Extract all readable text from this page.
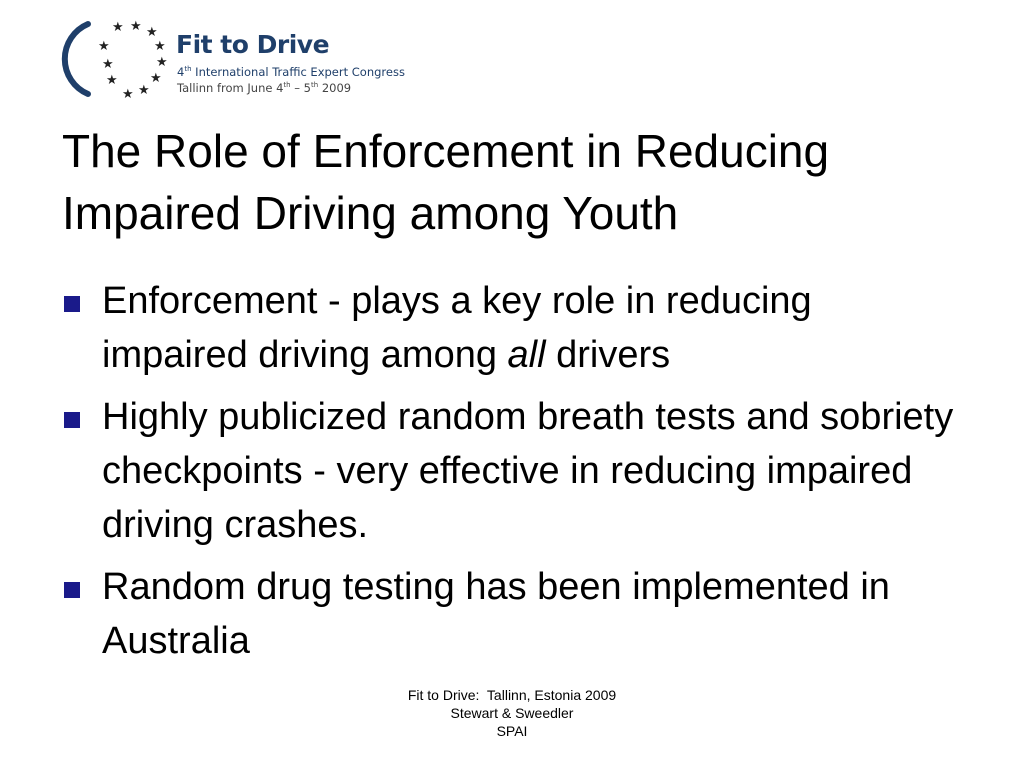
★ ★ ★
★
★
★
★
★
★
★
★
Fit to Drive
4th International Traffic Expert Congress
Tallinn from June 4th – 5th 2009
The Role of Enforcement in Reducing Impaired Driving among Youth
Enforcement - plays a key role in reducing impaired driving among all drivers
Highly publicized random breath tests and sobriety checkpoints - very effective in reducing impaired driving crashes.
Random drug testing has been implemented in Australia
Fit to Drive:  Tallinn, Estonia 2009
Stewart & Sweedler
SPAI
